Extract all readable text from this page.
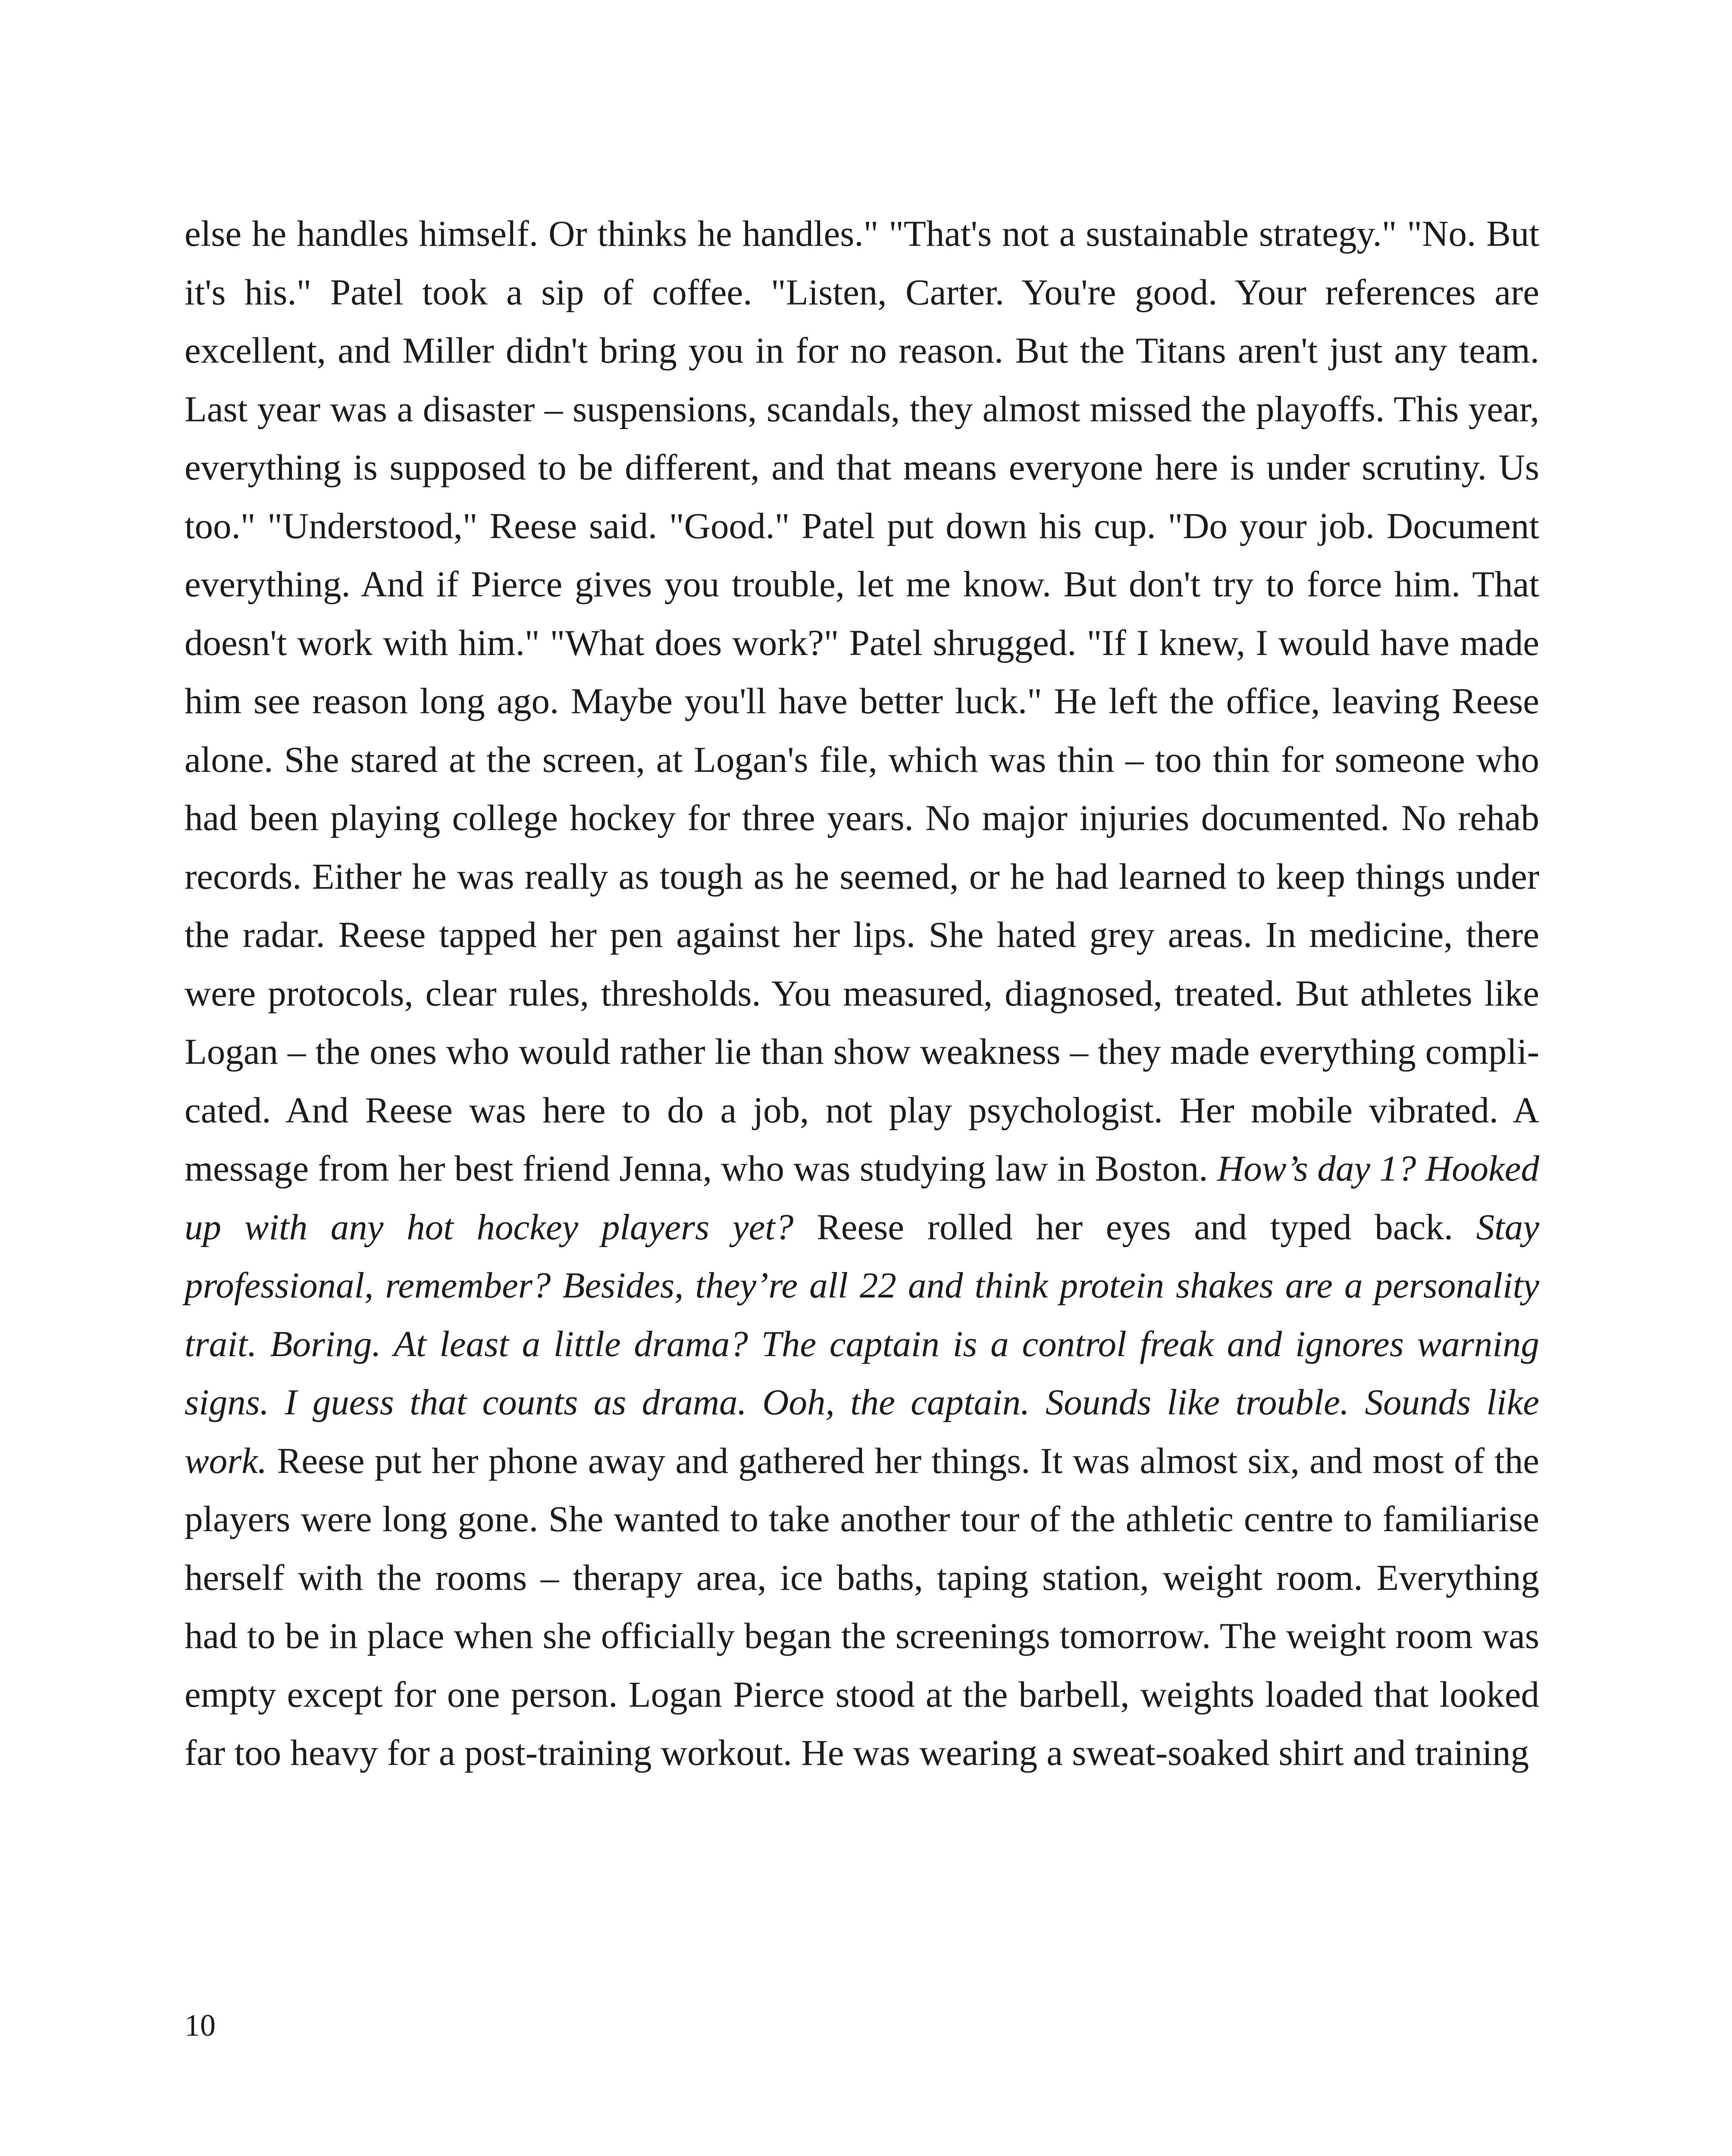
else he handles himself. Or thinks he handles." "That's not a sustainable strategy." "No. But it's his." Patel took a sip of coffee. "Listen, Carter. You're good. Your references are excellent, and Miller didn't bring you in for no reason. But the Titans aren't just any team. Last year was a disaster – suspensions, scandals, they almost missed the playoffs. This year, everything is supposed to be different, and that means everyone here is under scrutiny. Us too." "Understood," Reese said. "Good." Patel put down his cup. "Do your job. Document everything. And if Pierce gives you trouble, let me know. But don't try to force him. That doesn't work with him." "What does work?" Patel shrugged. "If I knew, I would have made him see reason long ago. Maybe you'll have better luck." He left the office, leaving Reese alone. She stared at the screen, at Logan's file, which was thin – too thin for someone who had been playing college hockey for three years. No major injuries documented. No rehab records. Either he was really as tough as he seemed, or he had learned to keep things under the radar. Reese tapped her pen against her lips. She hated grey areas. In medicine, there were protocols, clear rules, thresholds. You measured, diagnosed, treated. But athletes like Logan – the ones who would rather lie than show weakness – they made everything complicated. And Reese was here to do a job, not play psychologist. Her mobile vibrated. A message from her best friend Jenna, who was studying law in Boston. How’s day 1? Hooked up with any hot hockey players yet? Reese rolled her eyes and typed back. Stay professional, remember? Besides, they’re all 22 and think protein shakes are a personality trait. Boring. At least a little drama? The captain is a control freak and ignores warning signs. I guess that counts as drama. Ooh, the captain. Sounds like trouble. Sounds like work. Reese put her phone away and gathered her things. It was almost six, and most of the players were long gone. She wanted to take another tour of the athletic centre to familiarise herself with the rooms – therapy area, ice baths, taping station, weight room. Everything had to be in place when she officially began the screenings tomorrow. The weight room was empty except for one person. Logan Pierce stood at the barbell, weights loaded that looked far too heavy for a post-training workout. He was wearing a sweat-soaked shirt and training

10
